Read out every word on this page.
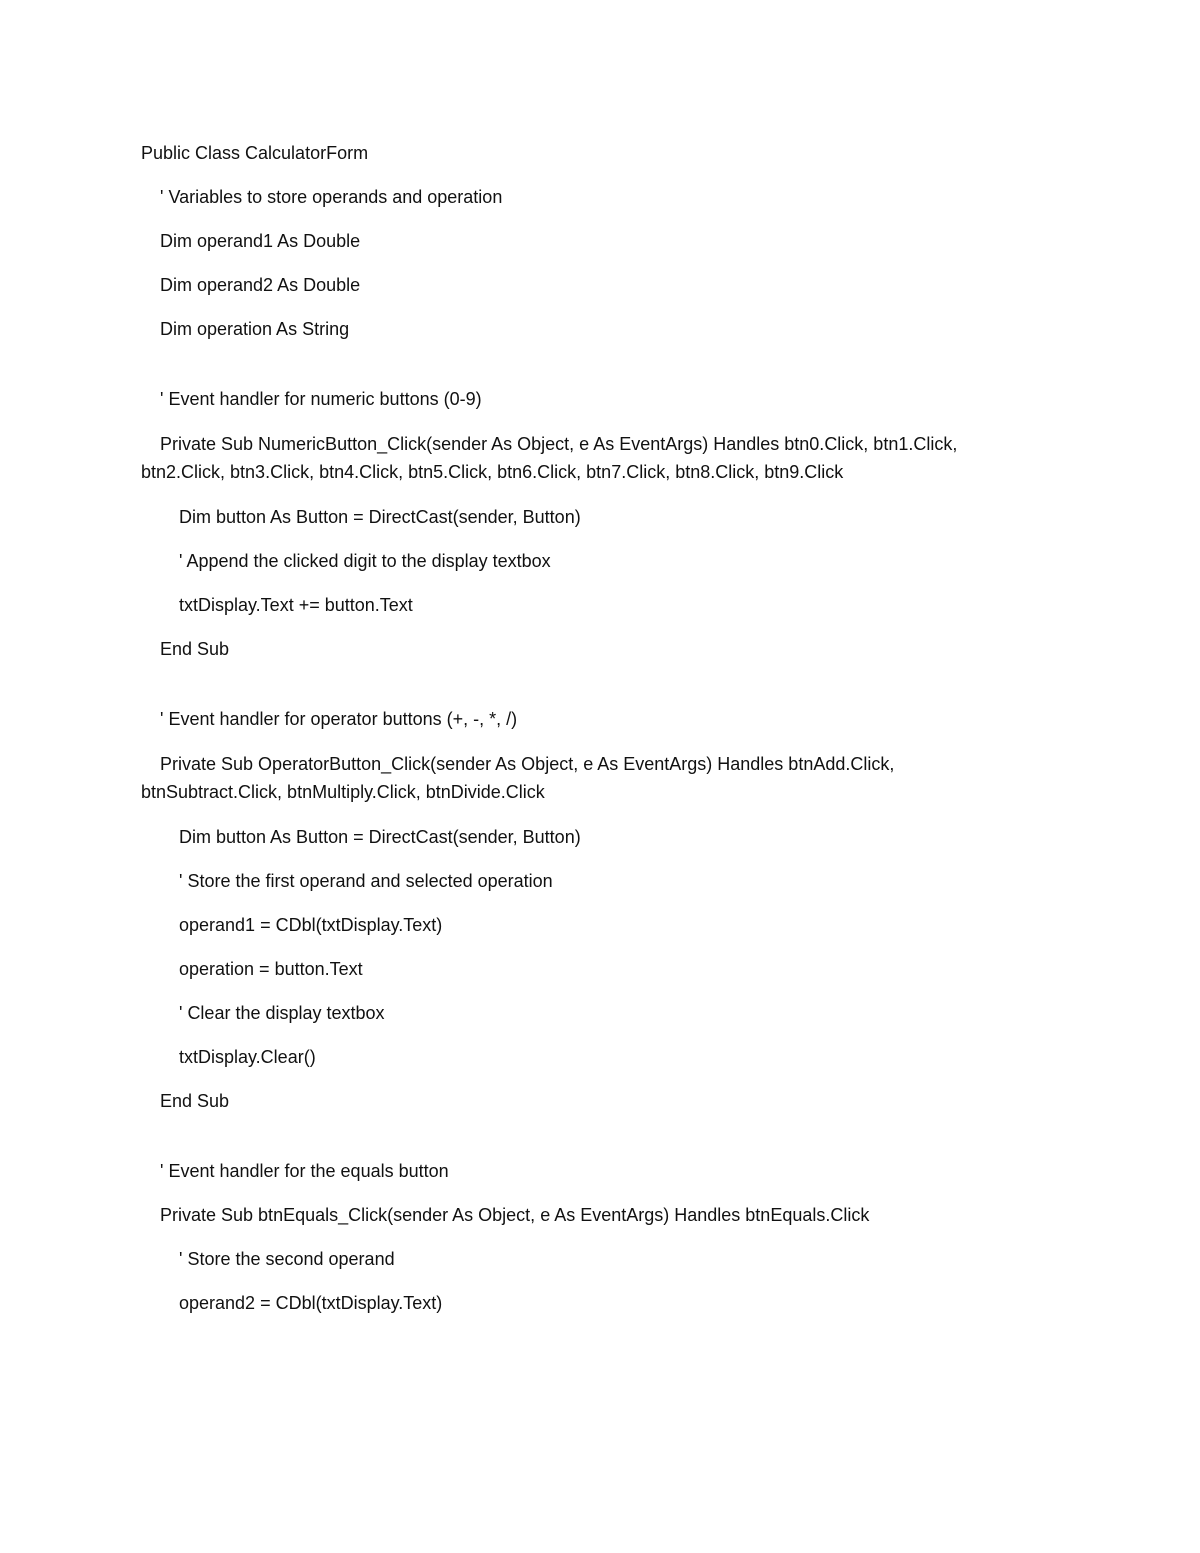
Public Class CalculatorForm

' Variables to store operands and operation

Dim operand1 As Double

Dim operand2 As Double

Dim operation As String

' Event handler for numeric buttons (0-9)

Private Sub NumericButton_Click(sender As Object, e As EventArgs) Handles btn0.Click, btn1.Click,
btn2.Click, btn3.Click, btn4.Click, btn5.Click, btn6.Click, btn7.Click, btn8.Click, btn9.Click

Dim button As Button = DirectCast(sender, Button)

' Append the clicked digit to the display textbox

txtDisplay.Text += button.Text

End Sub

' Event handler for operator buttons (+, -, *, /)

Private Sub OperatorButton_Click(sender As Object, e As EventArgs) Handles btnAdd.Click,
btnSubtract.Click, btnMultiply.Click, btnDivide.Click

Dim button As Button = DirectCast(sender, Button)

' Store the first operand and selected operation

operand1 = CDbl(txtDisplay.Text)

operation = button.Text

' Clear the display textbox

txtDisplay.Clear()

End Sub

' Event handler for the equals button

Private Sub btnEquals_Click(sender As Object, e As EventArgs) Handles btnEquals.Click

' Store the second operand

operand2 = CDbl(txtDisplay.Text)
